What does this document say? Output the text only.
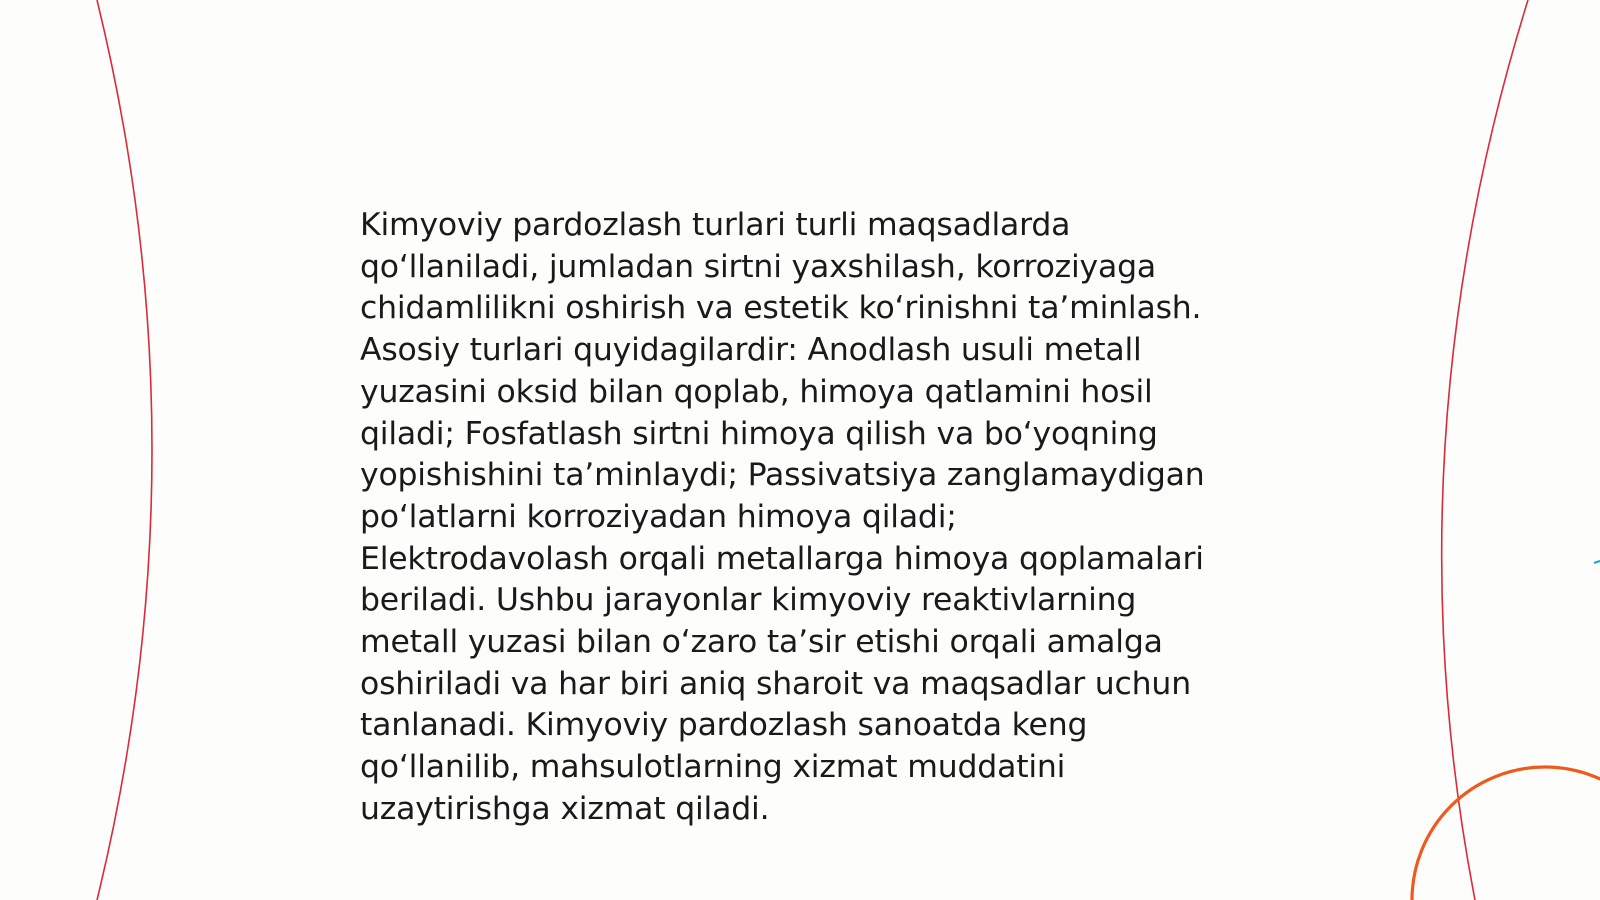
Kimyoviy pardozlash turlari turli maqsadlarda
qo‘llaniladi, jumladan sirtni yaxshilash, korroziyaga
chidamlilikni oshirish va estetik ko‘rinishni ta’minlash.
Asosiy turlari quyidagilardir: Anodlash usuli metall
yuzasini oksid bilan qoplab, himoya qatlamini hosil
qiladi; Fosfatlash sirtni himoya qilish va bo‘yoqning
yopishishini ta’minlaydi; Passivatsiya zanglamaydigan
po‘latlarni korroziyadan himoya qiladi;
Elektrodavolash orqali metallarga himoya qoplamalari
beriladi. Ushbu jarayonlar kimyoviy reaktivlarning
metall yuzasi bilan o‘zaro ta’sir etishi orqali amalga
oshiriladi va har biri aniq sharoit va maqsadlar uchun
tanlanadi. Kimyoviy pardozlash sanoatda keng
qo‘llanilib, mahsulotlarning xizmat muddatini
uzaytirishga xizmat qiladi.
